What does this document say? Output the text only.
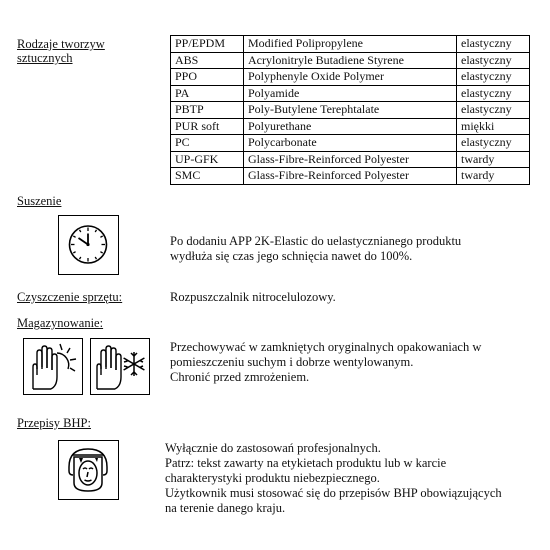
Rodzaje tworzyw
sztucznych
PP/EPDM	Modified Polipropylene	elastyczny
ABS	Acrylonitryle Butadiene Styrene	elastyczny
PPO	Polyphenyle Oxide Polymer	elastyczny
PA	Polyamide	elastyczny
PBTP	Poly-Butylene Terephtalate	elastyczny
PUR soft	Polyurethane	miękki
PC	Polycarbonate	elastyczny
UP-GFK	Glass-Fibre-Reinforced Polyester	twardy
SMC	Glass-Fibre-Reinforced Polyester	twardy
Suszenie
Po dodaniu APP 2K-Elastic do uelastycznianego produktu
wydłuża się czas jego schnięcia nawet do 100%.
Czyszczenie sprzętu:	Rozpuszczalnik nitrocelulozowy.
Magazynowanie:
Przechowywać w zamkniętych oryginalnych opakowaniach w
pomieszczeniu suchym i dobrze wentylowanym.
Chronić przed zmrożeniem.
Przepisy BHP:
Wyłącznie do zastosowań profesjonalnych.
Patrz: tekst zawarty na etykietach produktu lub w karcie
charakterystyki produktu niebezpiecznego.
Użytkownik musi stosować się do przepisów BHP obowiązujących
na terenie danego kraju.
